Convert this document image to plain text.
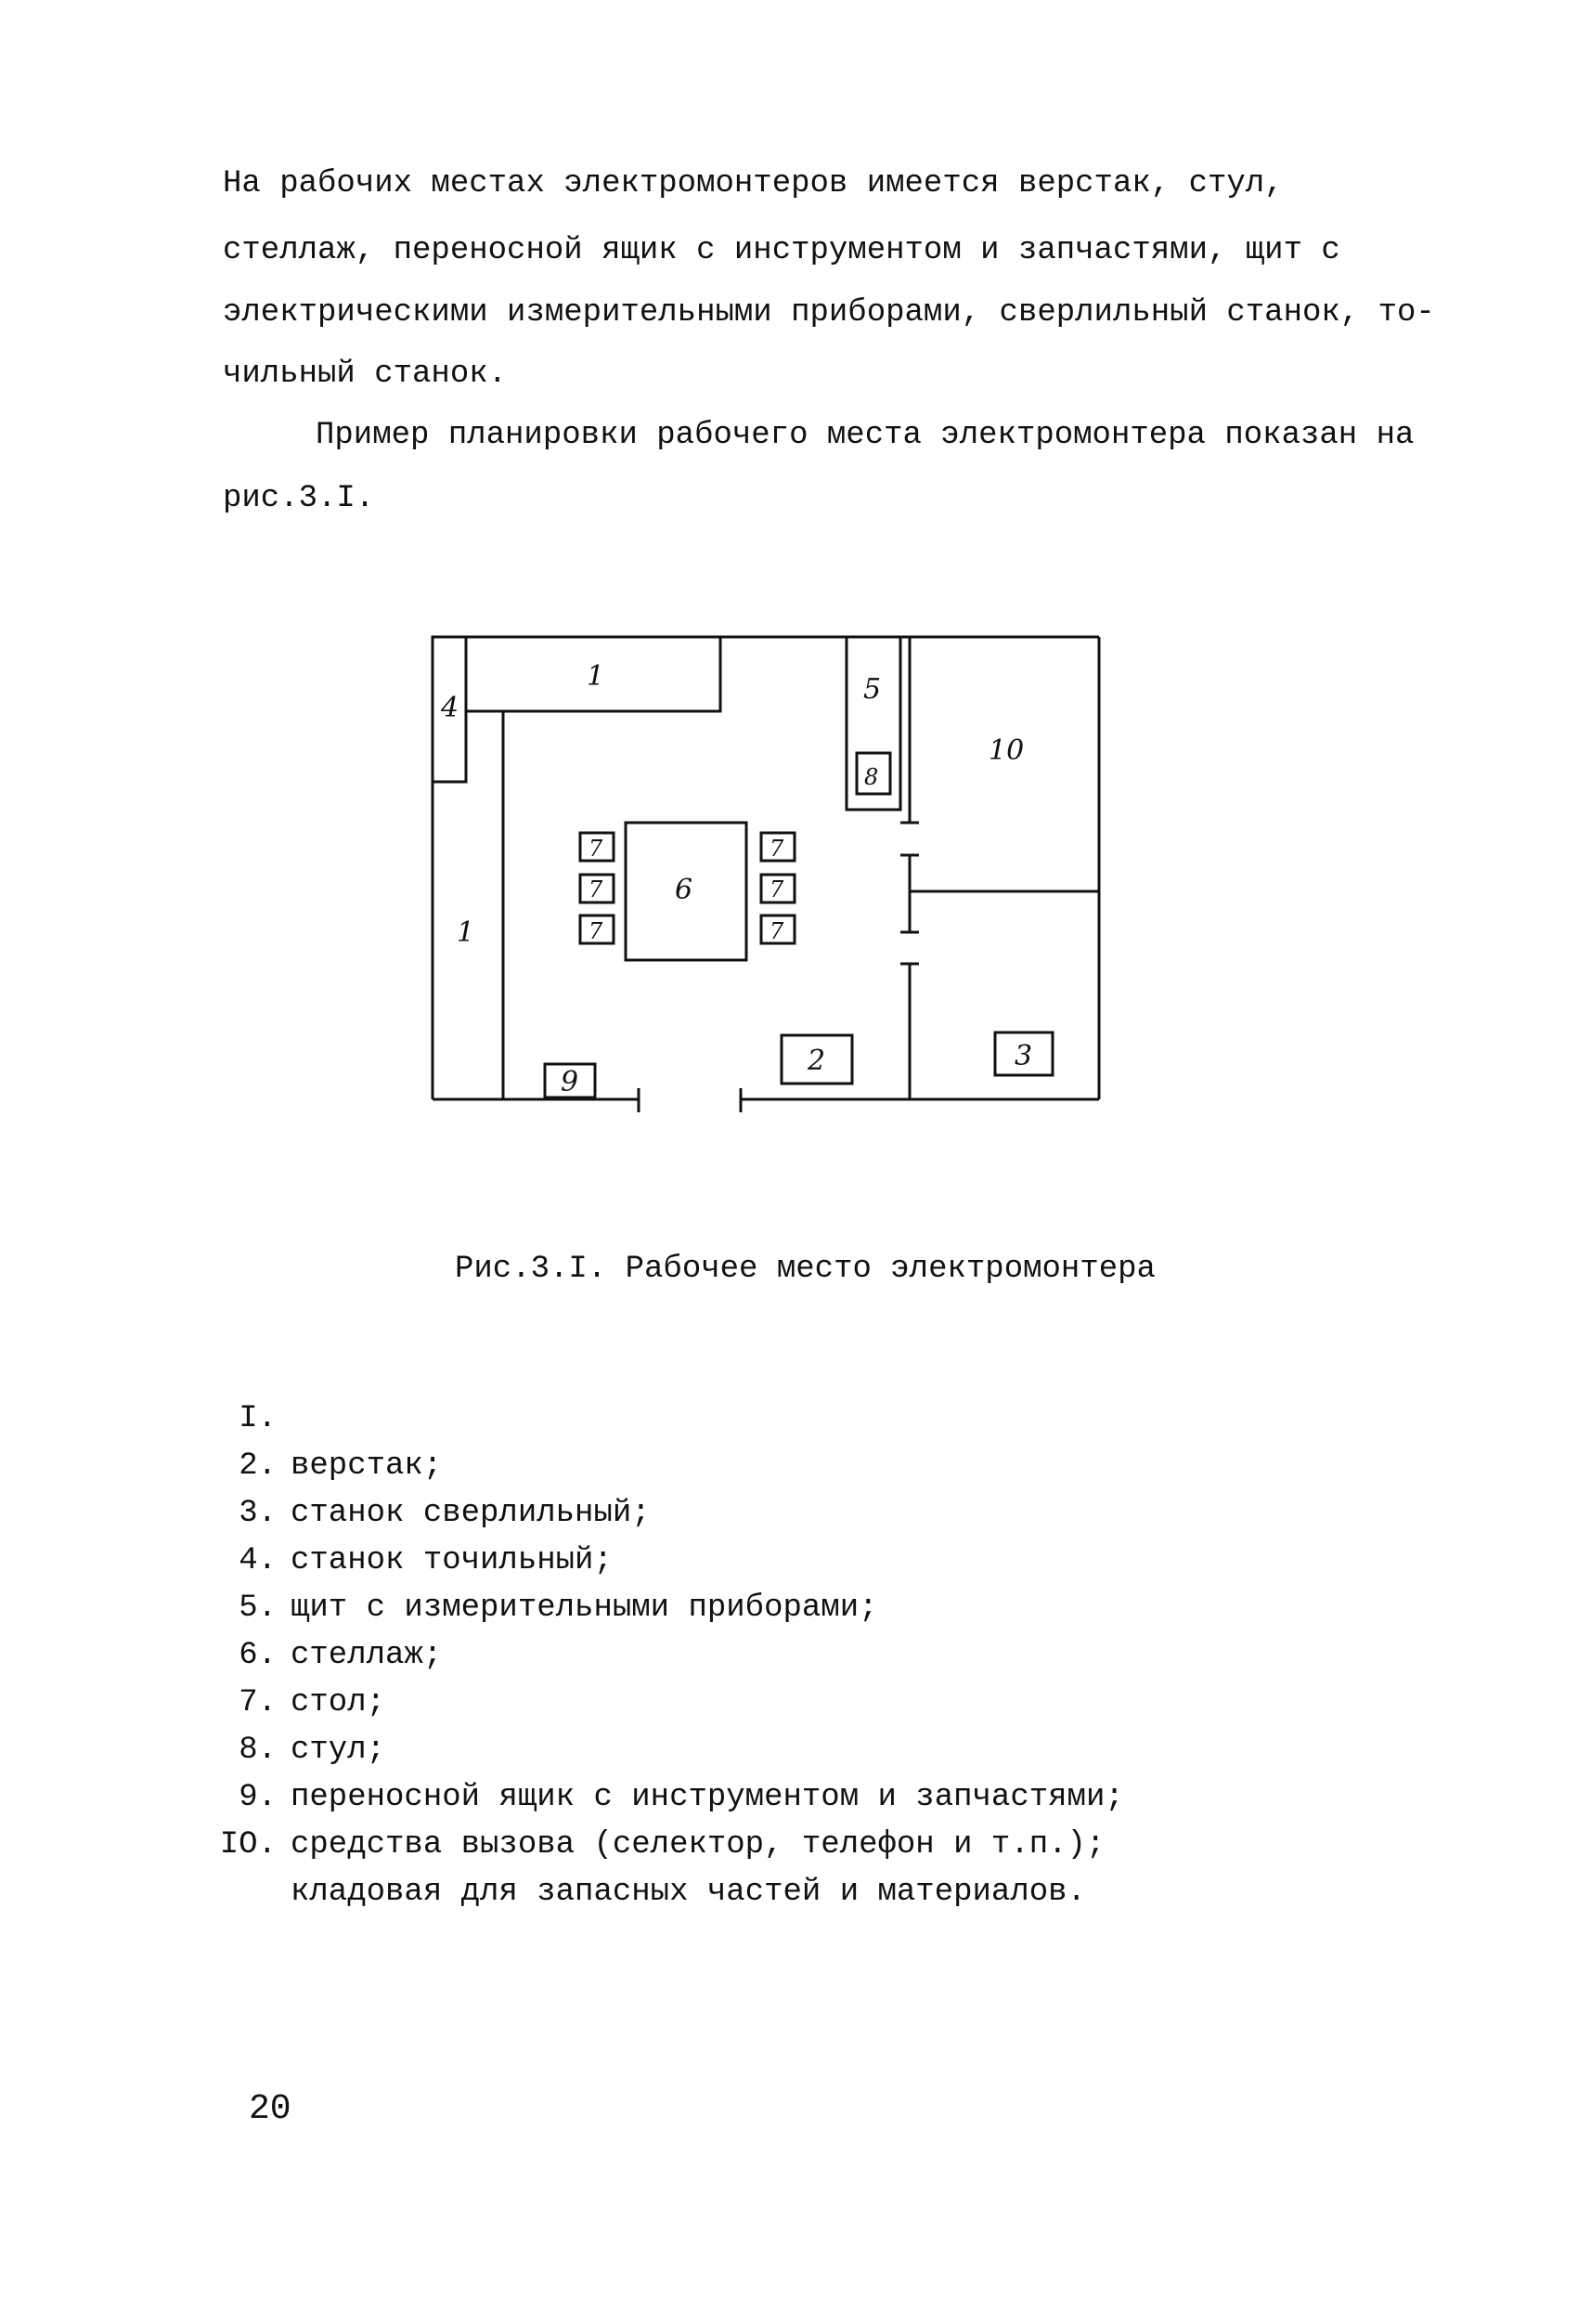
На рабочих местах электромонтеров имеется верстак, стул,
стеллаж, переносной ящик с инструментом и запчастями, щит с
электрическими измерительными приборами, сверлильный станок, то-
чильный станок.
Пример планировки рабочего места электромонтера показан на
рис.3.I.
1
1
4
5
8
10
6
7
7
7
7
7
7
9
2	3
Рис.3.I. Рабочее место электромонтера

I.

верстак;

2.

станок сверлильный;

3.

станок точильный;

4.

щит с измерительными приборами;

5.

стеллаж;

6.

стол;

7.

стул;

8.

переносной ящик с инструментом и запчастями;

9.

средства вызова (селектор, телефон и т.п.);

IO.

кладовая для запасных частей и материалов.

20
